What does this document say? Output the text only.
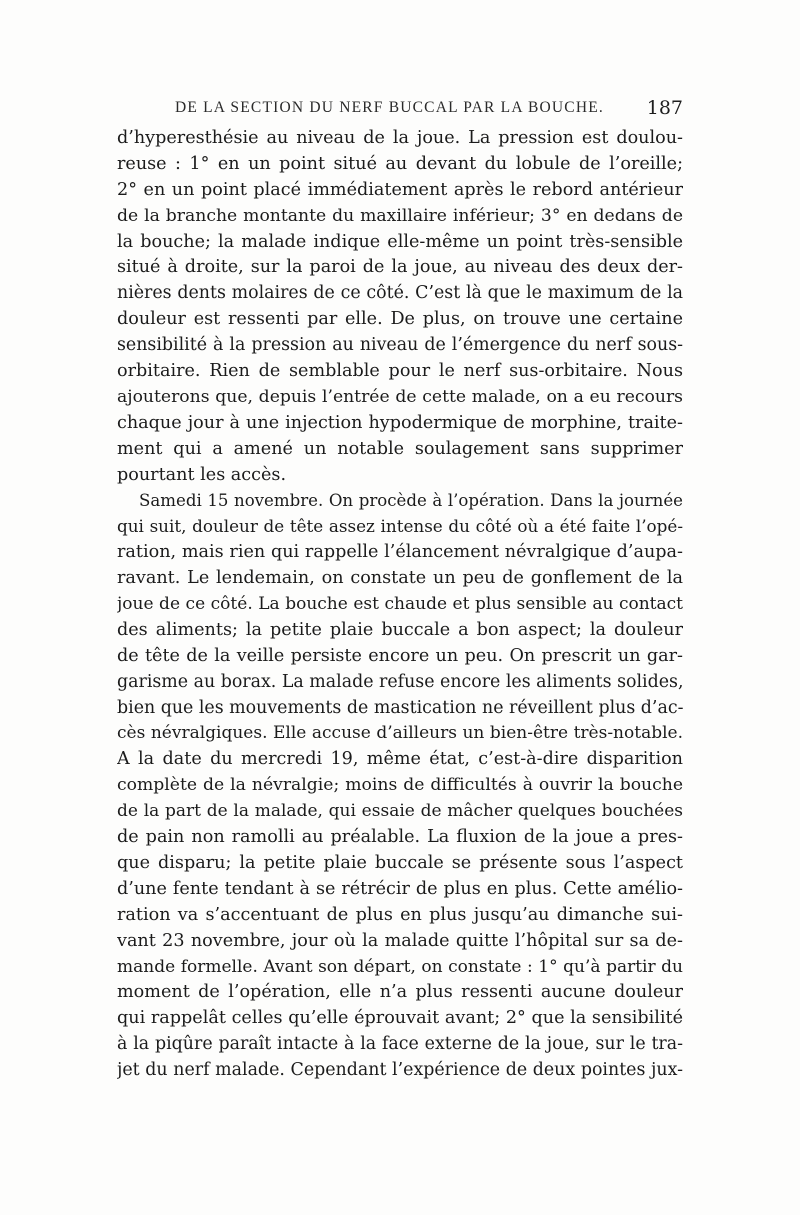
DE LA SECTION DU NERF BUCCAL PAR LA BOUCHE. 187
d’hyperesthésie au niveau de la joue. La pression est doulou-
reuse : 1° en un point situé au devant du lobule de l’oreille;
2° en un point placé immédiatement après le rebord antérieur
de la branche montante du maxillaire inférieur; 3° en dedans de
la bouche; la malade indique elle-même un point très-sensible
situé à droite, sur la paroi de la joue, au niveau des deux der-
nières dents molaires de ce côté. C’est là que le maximum de la
douleur est ressenti par elle. De plus, on trouve une certaine
sensibilité à la pression au niveau de l’émergence du nerf sous-
orbitaire. Rien de semblable pour le nerf sus-orbitaire. Nous
ajouterons que, depuis l’entrée de cette malade, on a eu recours
chaque jour à une injection hypodermique de morphine, traite-
ment qui a amené un notable soulagement sans supprimer
pourtant les accès.
Samedi 15 novembre. On procède à l’opération. Dans la journée
qui suit, douleur de tête assez intense du côté où a été faite l’opé-
ration, mais rien qui rappelle l’élancement névralgique d’aupa-
ravant. Le lendemain, on constate un peu de gonflement de la
joue de ce côté. La bouche est chaude et plus sensible au contact
des aliments; la petite plaie buccale a bon aspect; la douleur
de tête de la veille persiste encore un peu. On prescrit un gar-
garisme au borax. La malade refuse encore les aliments solides,
bien que les mouvements de mastication ne réveillent plus d’ac-
cès névralgiques. Elle accuse d’ailleurs un bien-être très-notable.
A la date du mercredi 19, même état, c’est-à-dire disparition
complète de la névralgie; moins de difficultés à ouvrir la bouche
de la part de la malade, qui essaie de mâcher quelques bouchées
de pain non ramolli au préalable. La fluxion de la joue a pres-
que disparu; la petite plaie buccale se présente sous l’aspect
d’une fente tendant à se rétrécir de plus en plus. Cette amélio-
ration va s’accentuant de plus en plus jusqu’au dimanche sui-
vant 23 novembre, jour où la malade quitte l’hôpital sur sa de-
mande formelle. Avant son départ, on constate : 1° qu’à partir du
moment de l’opération, elle n’a plus ressenti aucune douleur
qui rappelât celles qu’elle éprouvait avant; 2° que la sensibilité
à la piqûre paraît intacte à la face externe de la joue, sur le tra-
jet du nerf malade. Cependant l’expérience de deux pointes jux-
